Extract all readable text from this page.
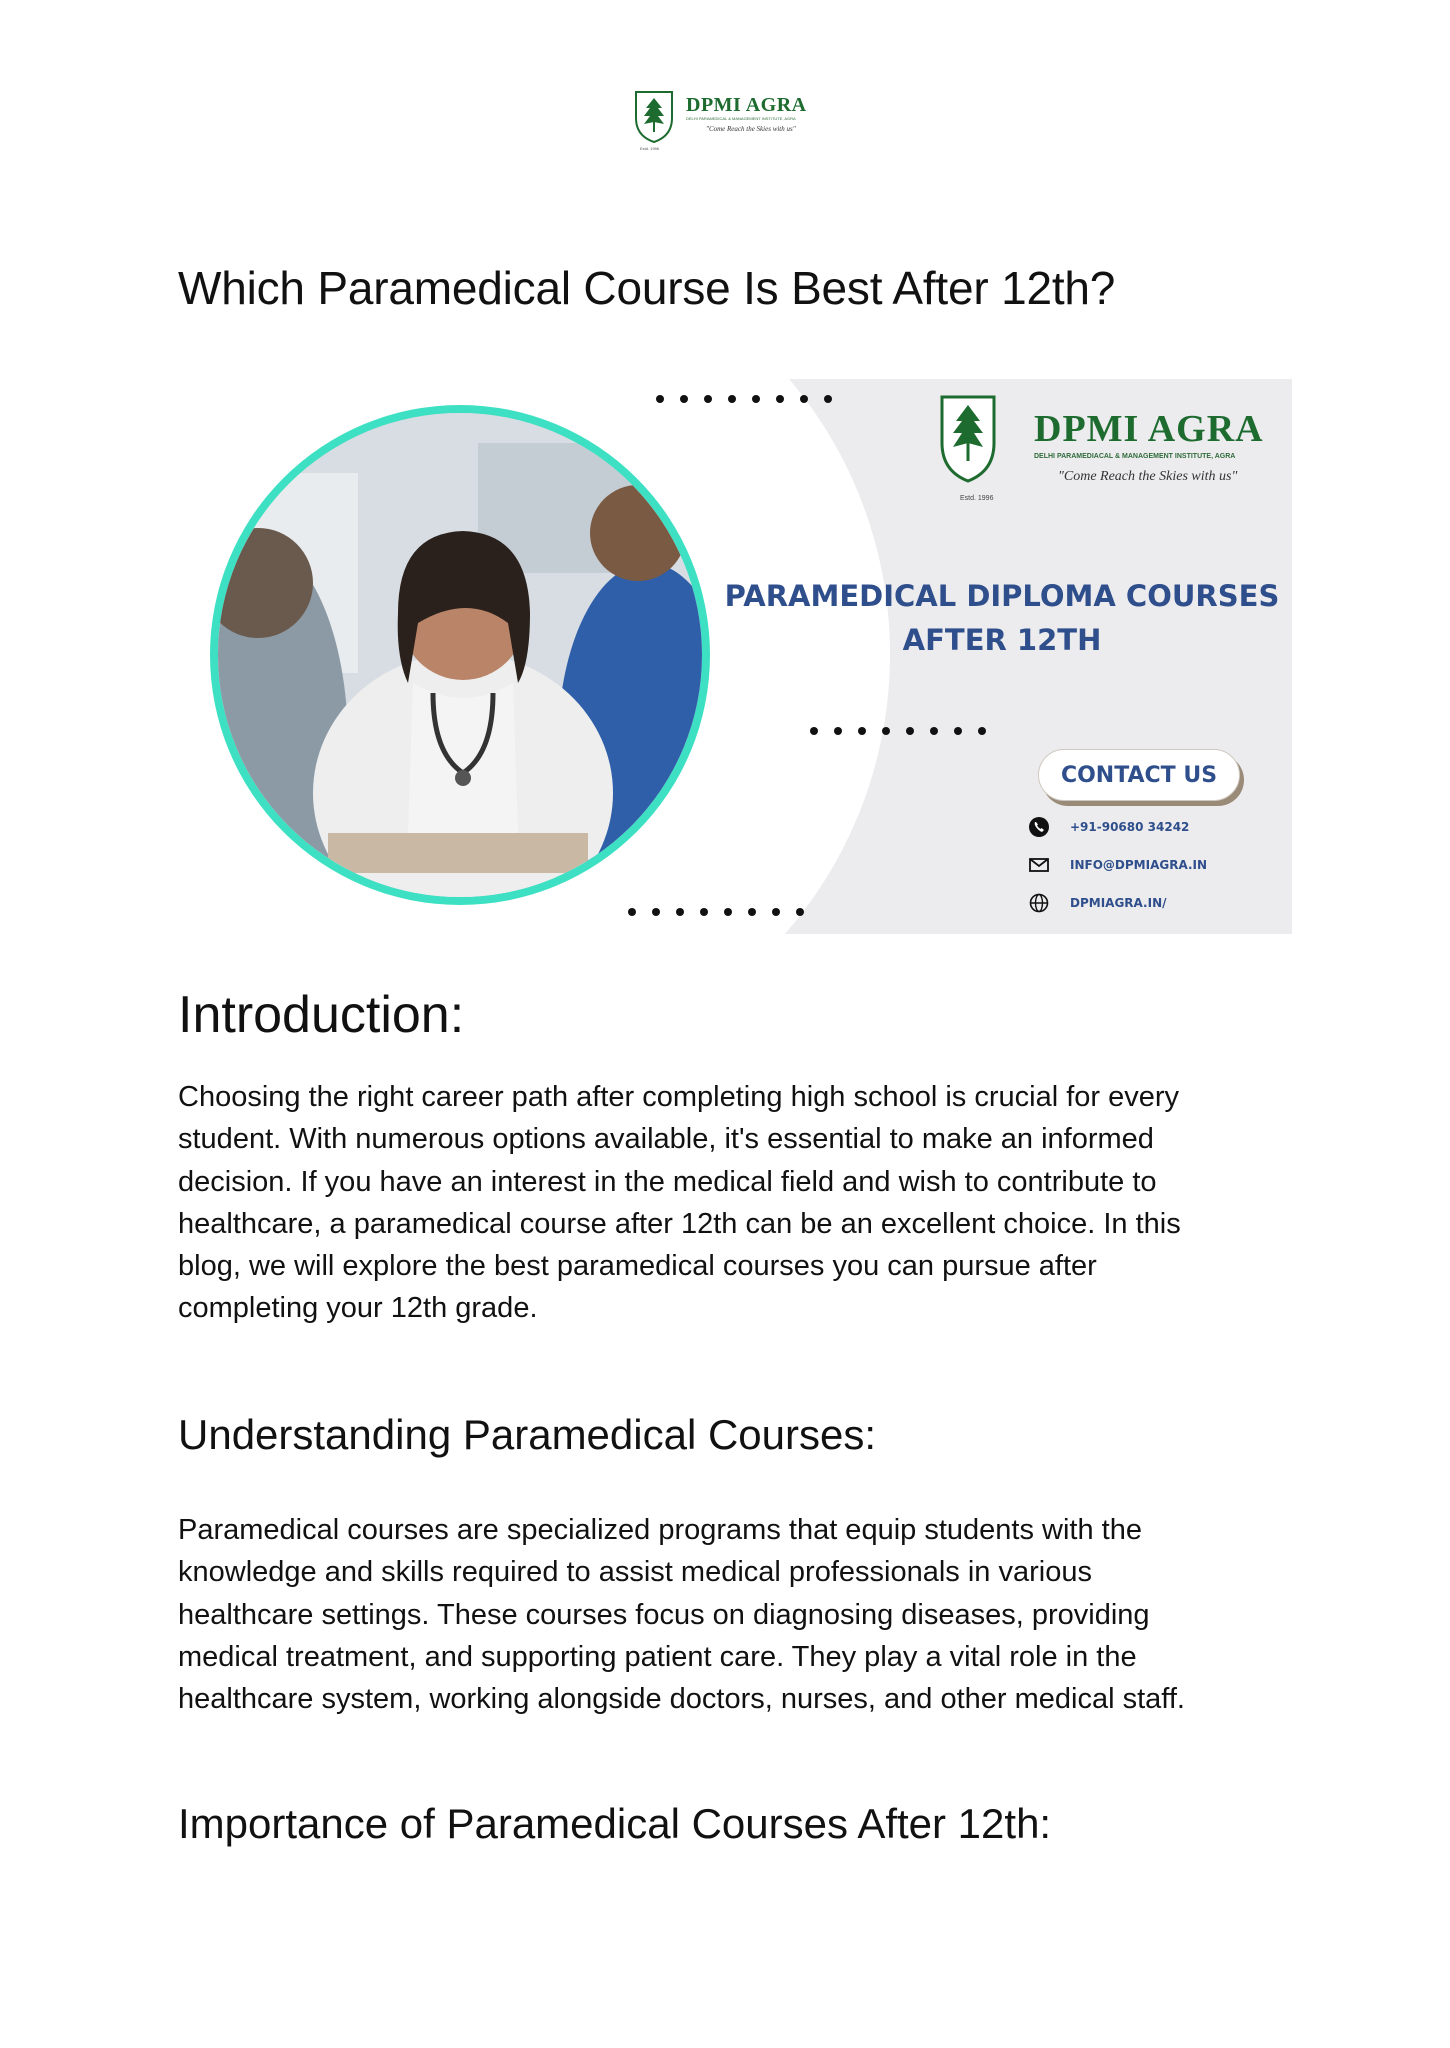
DPMI AGRA
DELHI PARAMEDICAL & MANAGEMENT INSTITUTE, AGRA
"Come Reach the Skies with us"
Estd. 1996
Which Paramedical Course Is Best After 12th?
DPMI AGRA
DELHI PARAMEDIACAL & MANAGEMENT INSTITUTE, AGRA
"Come Reach the Skies with us"
Estd. 1996
PARAMEDICAL DIPLOMA COURSES
AFTER 12TH
CONTACT US
+91-90680 34242
INFO@DPMIAGRA.IN
DPMIAGRA.IN/
Introduction:
Choosing the right career path after completing high school is crucial for every
student. With numerous options available, it's essential to make an informed
decision. If you have an interest in the medical field and wish to contribute to
healthcare, a paramedical course after 12th can be an excellent choice. In this
blog, we will explore the best paramedical courses you can pursue after
completing your 12th grade.
Understanding Paramedical Courses:
Paramedical courses are specialized programs that equip students with the
knowledge and skills required to assist medical professionals in various
healthcare settings. These courses focus on diagnosing diseases, providing
medical treatment, and supporting patient care. They play a vital role in the
healthcare system, working alongside doctors, nurses, and other medical staff.
Importance of Paramedical Courses After 12th:
